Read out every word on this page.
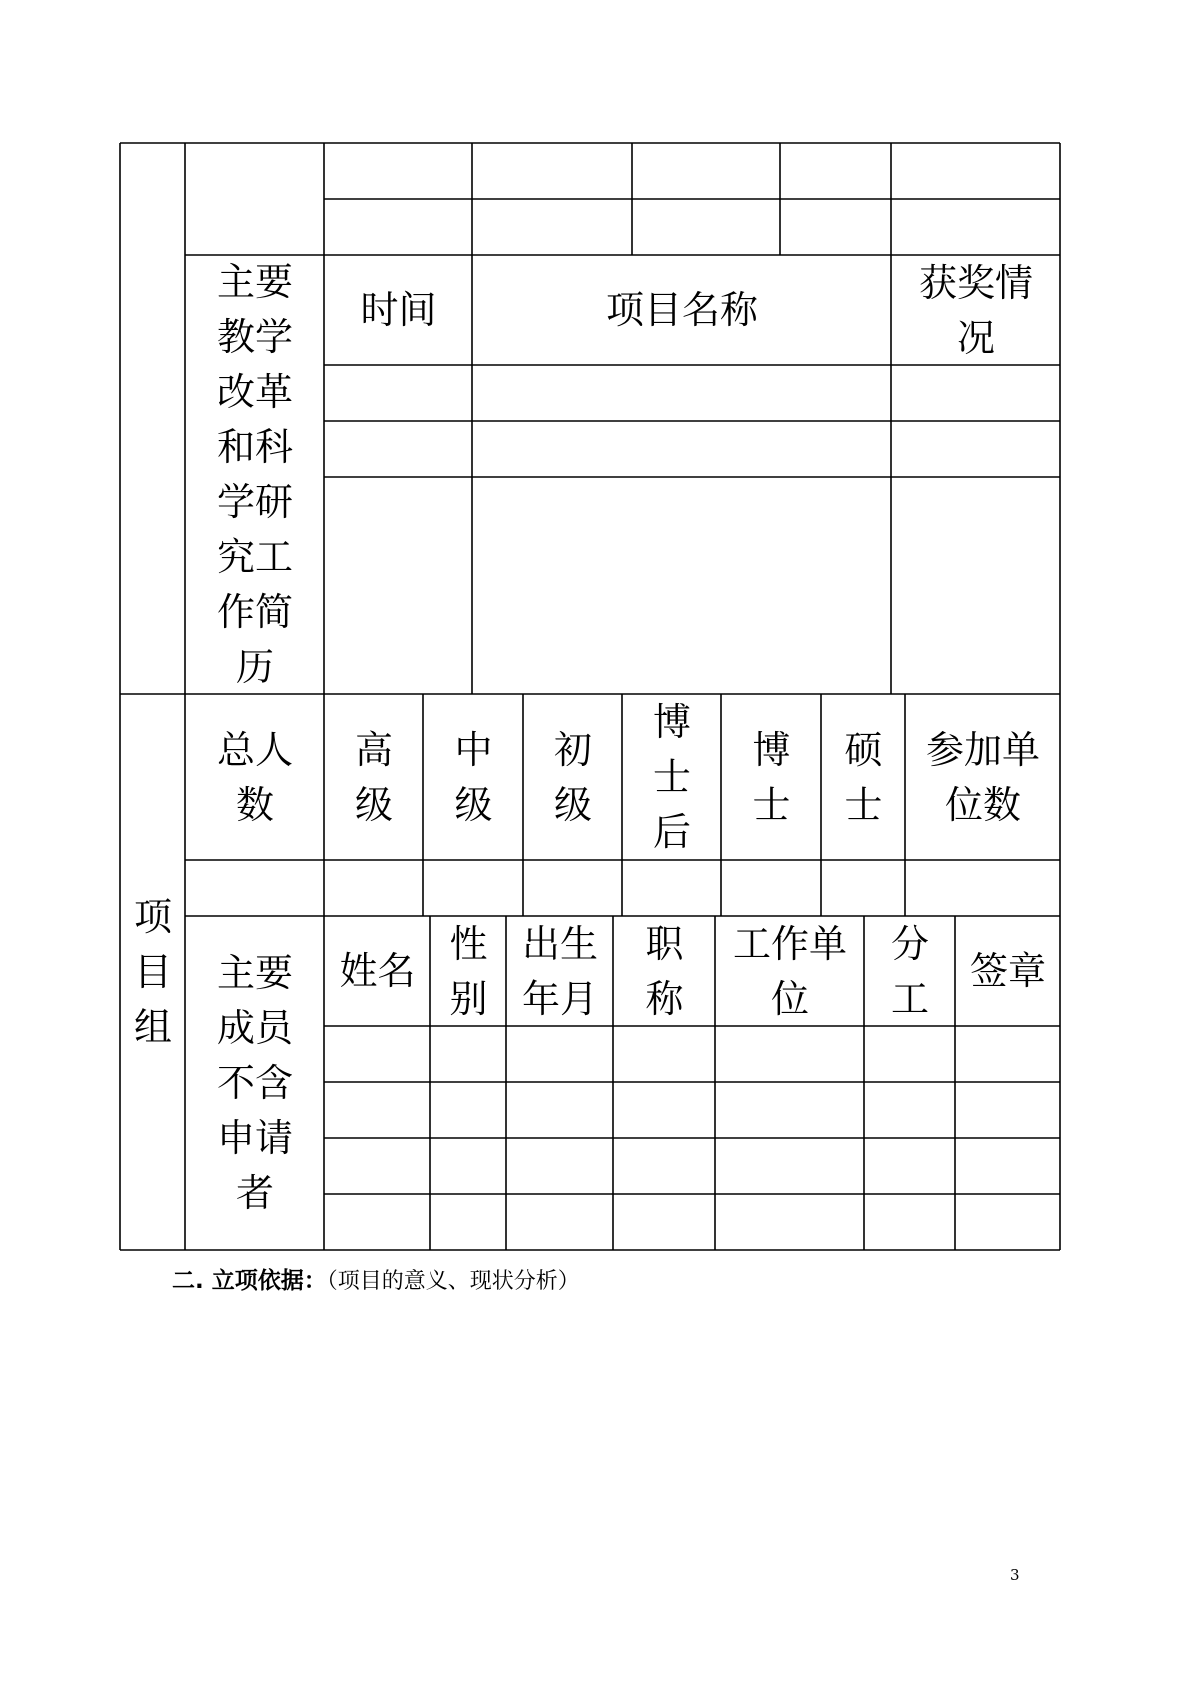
主要
教学
改革
和科
学研
究工
作简
历
时间	项目名称
获奖情
况
项
目
组
总人
数
高
级
中
级
初
级
博
士
后
博
士
硕
士
参加单
位数
主要
成员
不含
申请
者
姓名
性
别
出生
年月
职
称
工作单
位
分
工
签章
二. 立项依据：（项目的意义、现状分析）
3
